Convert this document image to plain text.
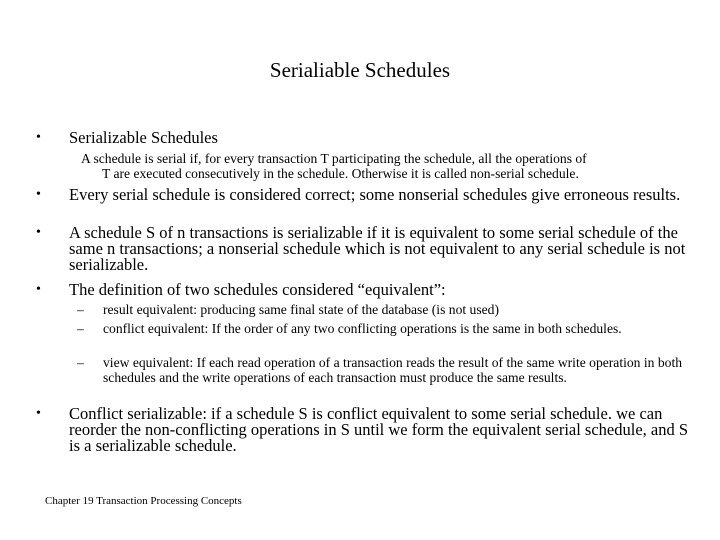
Serialiable Schedules
• Serializable Schedules
A schedule is serial if, for every transaction T participating the schedule, all the operations of
T are executed consecutively in the schedule. Otherwise it is called non-serial schedule.
• Every serial schedule is considered correct; some nonserial schedules give erroneous results.
• A schedule S of n transactions is serializable if it is equivalent to some serial schedule of the same n transactions; a nonserial schedule which is not equivalent to any serial schedule is not serializable.
• The definition of two schedules considered “equivalent”:
– result equivalent: producing same final state of the database (is not used)
– conflict equivalent: If the order of any two conflicting operations is the same in both schedules.
– view equivalent: If each read operation of a transaction reads the result of the same write operation in both schedules and the write operations of each transaction must produce the same results.
• Conflict serializable: if a schedule S is conflict equivalent to some serial schedule. we can reorder the non-conflicting operations in S until we form the equivalent serial schedule, and S is a serializable schedule.
Chapter 19 Transaction Processing Concepts
